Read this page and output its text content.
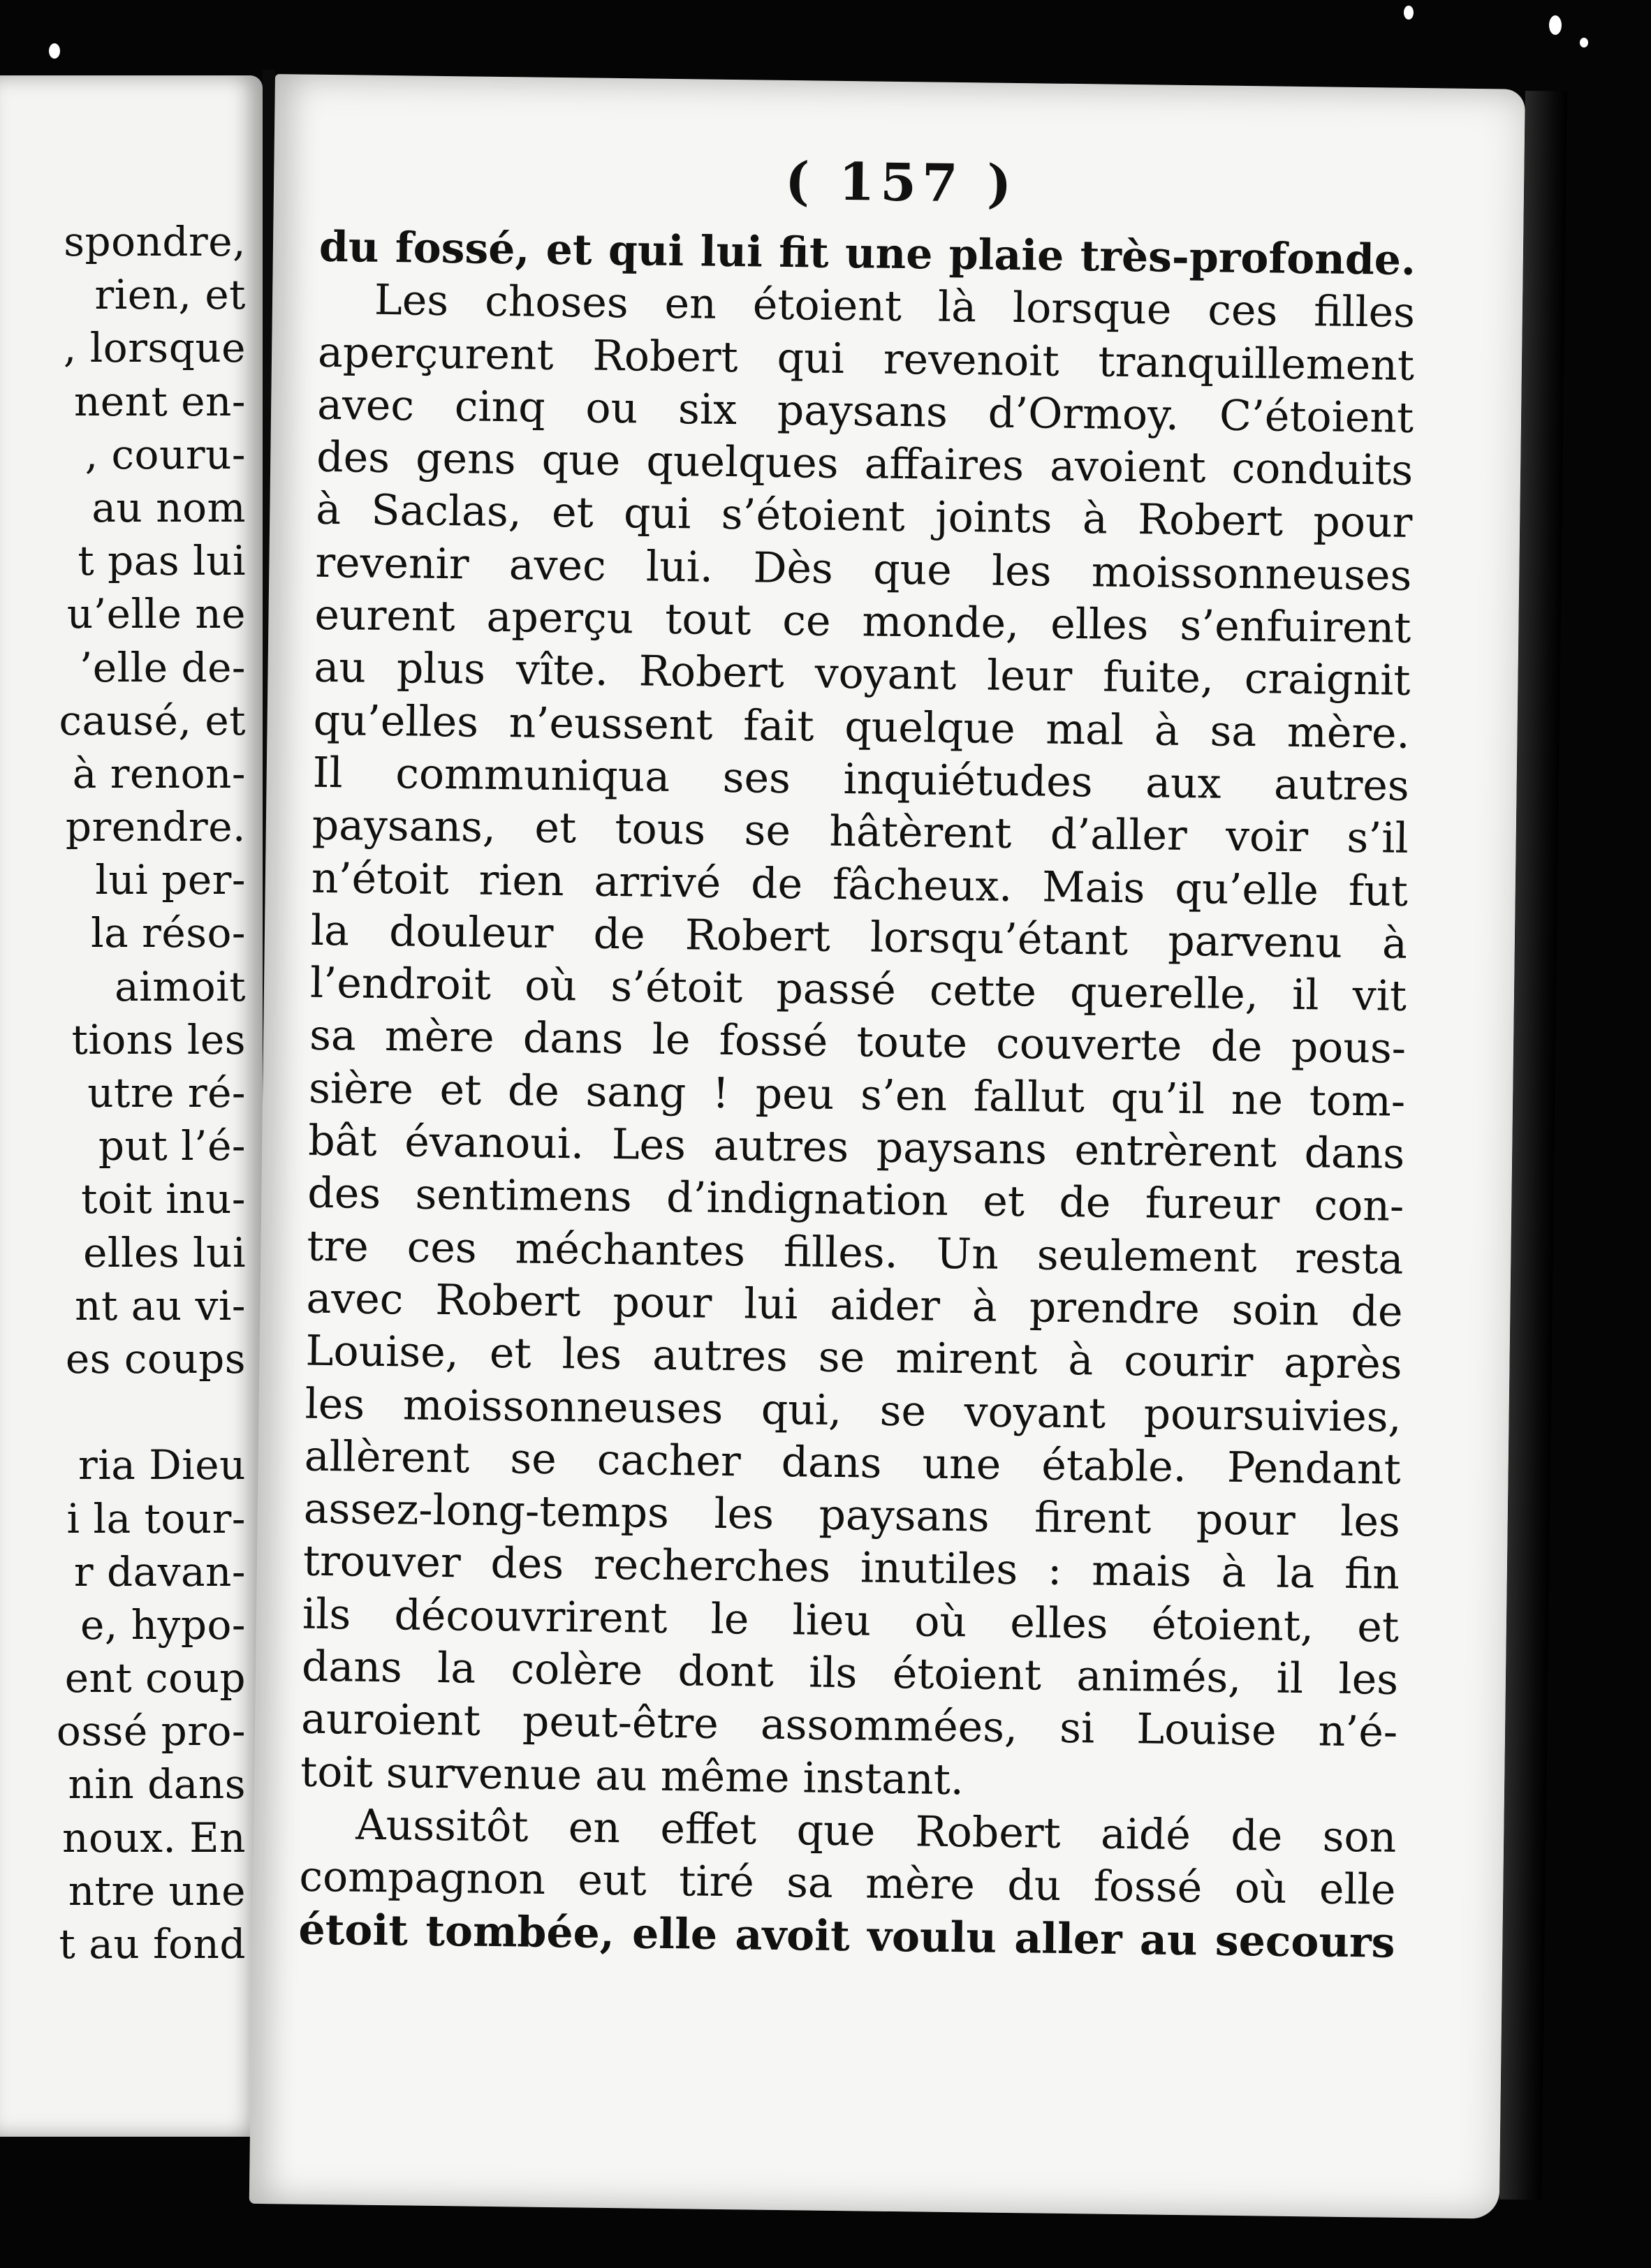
spondre,
rien, et
, lorsque
nent en-
, couru-
au nom
t pas lui
u’elle ne
’elle de-
causé, et
à renon-
prendre.
lui per-
la réso-
aimoit
tions les
utre ré-
put l’é-
toit inu-
elles lui
nt au vi-
es coups
ria Dieu
i la tour-
r davan-
e, hypo-
ent coup
ossé pro-
nin dans
noux. En
ntre une
t au fond
( 157 )
du fossé, et qui lui fit une plaie très-profonde.
Les choses en étoient là lorsque ces filles
aperçurent Robert qui revenoit tranquillement
avec cinq ou six paysans d’Ormoy. C’étoient
des gens que quelques affaires avoient conduits
à Saclas, et qui s’étoient joints à Robert pour
revenir avec lui. Dès que les moissonneuses
eurent aperçu tout ce monde, elles s’enfuirent
au plus vîte. Robert voyant leur fuite, craignit
qu’elles n’eussent fait quelque mal à sa mère.
Il communiqua ses inquiétudes aux autres
paysans, et tous se hâtèrent d’aller voir s’il
n’étoit rien arrivé de fâcheux. Mais qu’elle fut
la douleur de Robert lorsqu’étant parvenu à
l’endroit où s’étoit passé cette querelle, il vit
sa mère dans le fossé toute couverte de pous-
sière et de sang ! peu s’en fallut qu’il ne tom-
bât évanoui. Les autres paysans entrèrent dans
des sentimens d’indignation et de fureur con-
tre ces méchantes filles. Un seulement resta
avec Robert pour lui aider à prendre soin de
Louise, et les autres se mirent à courir après
les moissonneuses qui, se voyant poursuivies,
allèrent se cacher dans une étable. Pendant
assez-long-temps les paysans firent pour les
trouver des recherches inutiles : mais à la fin
ils découvrirent le lieu où elles étoient, et
dans la colère dont ils étoient animés, il les
auroient peut-être assommées, si Louise n’é-
toit survenue au même instant.
Aussitôt en effet que Robert aidé de son
compagnon eut tiré sa mère du fossé où elle
étoit tombée, elle avoit voulu aller au secours
